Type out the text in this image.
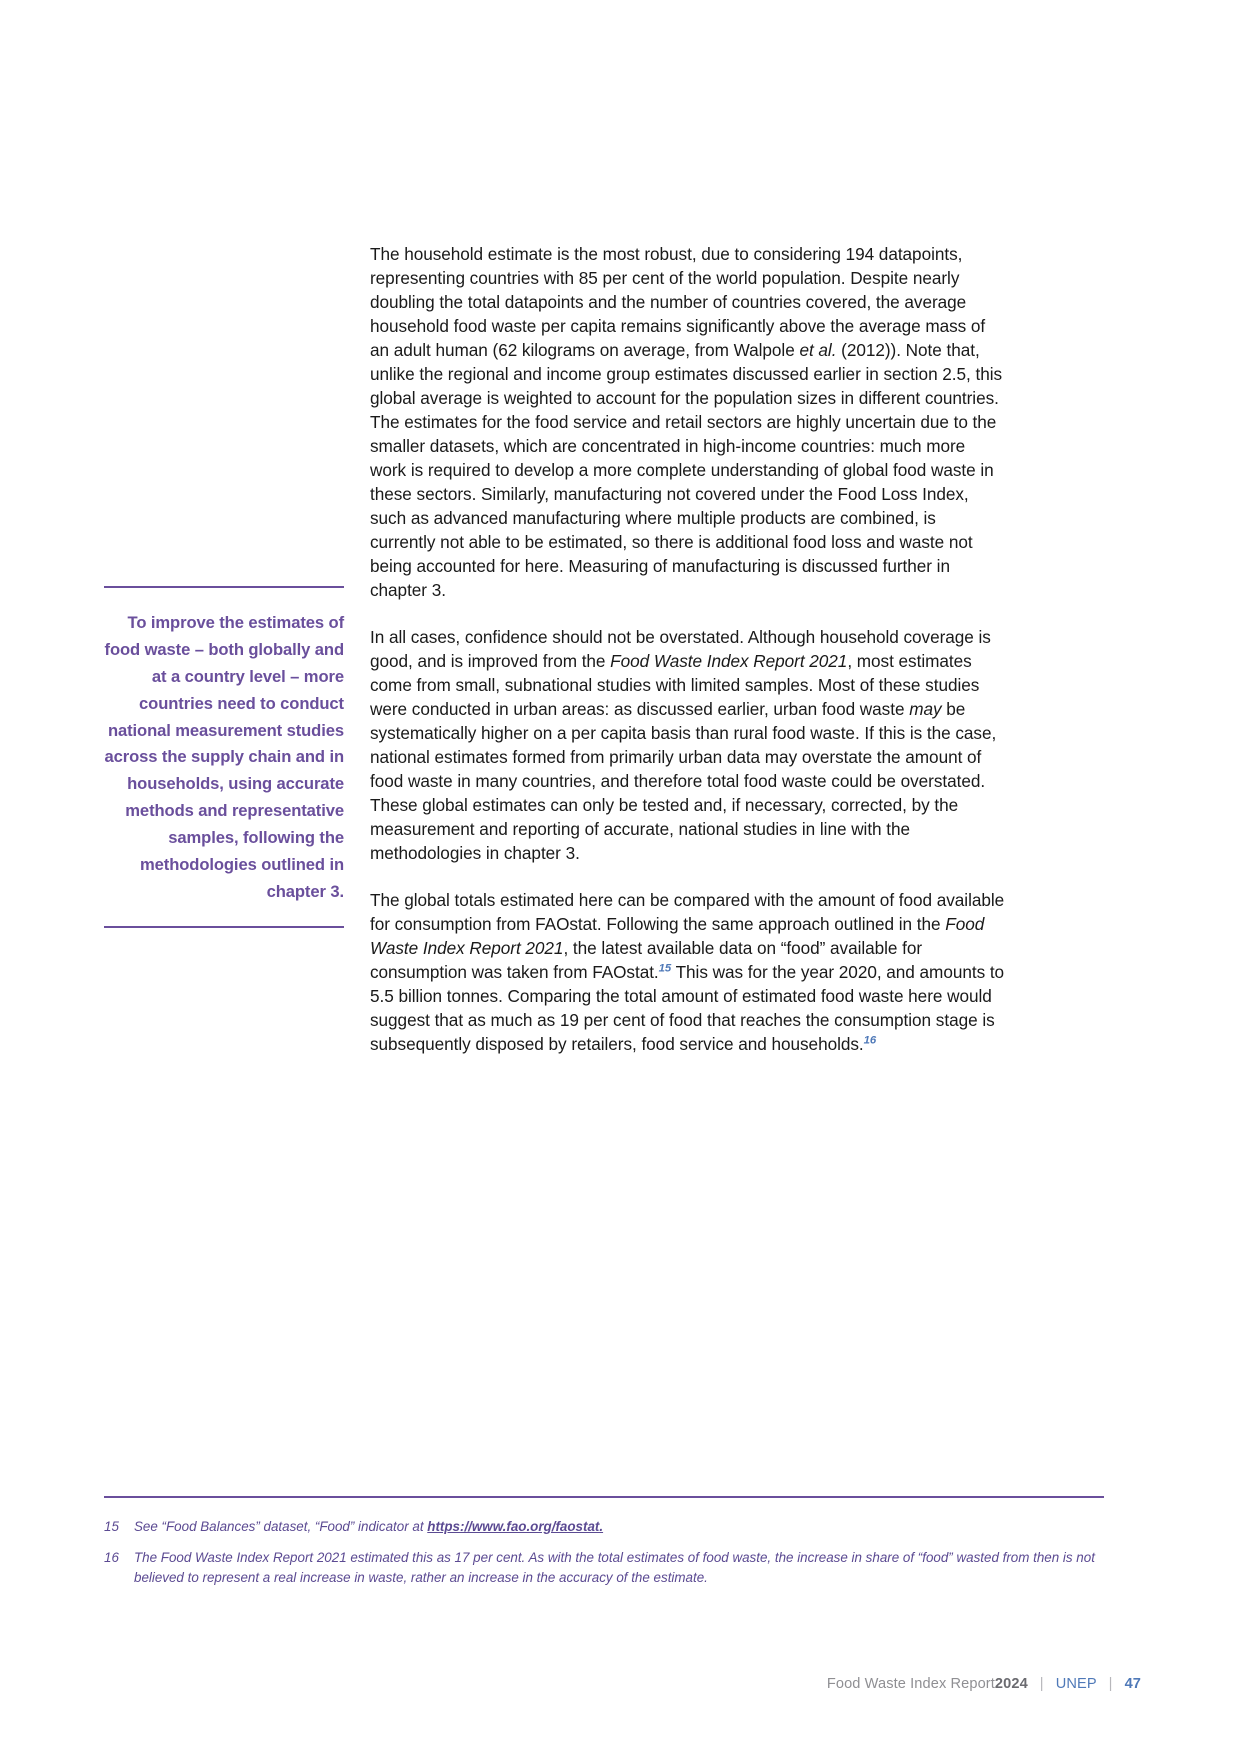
To improve the estimates of food waste – both globally and at a country level – more countries need to conduct national measurement studies across the supply chain and in households, using accurate methods and representative samples, following the methodologies outlined in chapter 3.

The household estimate is the most robust, due to considering 194 datapoints, representing countries with 85 per cent of the world population. Despite nearly doubling the total datapoints and the number of countries covered, the average household food waste per capita remains significantly above the average mass of an adult human (62 kilograms on average, from Walpole et al. (2012)). Note that, unlike the regional and income group estimates discussed earlier in section 2.5, this global average is weighted to account for the population sizes in different countries. The estimates for the food service and retail sectors are highly uncertain due to the smaller datasets, which are concentrated in high-income countries: much more work is required to develop a more complete understanding of global food waste in these sectors. Similarly, manufacturing not covered under the Food Loss Index, such as advanced manufacturing where multiple products are combined, is currently not able to be estimated, so there is additional food loss and waste not being accounted for here. Measuring of manufacturing is discussed further in chapter 3.

In all cases, confidence should not be overstated. Although household coverage is good, and is improved from the Food Waste Index Report 2021, most estimates come from small, subnational studies with limited samples. Most of these studies were conducted in urban areas: as discussed earlier, urban food waste may be systematically higher on a per capita basis than rural food waste. If this is the case, national estimates formed from primarily urban data may overstate the amount of food waste in many countries, and therefore total food waste could be overstated. These global estimates can only be tested and, if necessary, corrected, by the measurement and reporting of accurate, national studies in line with the methodologies in chapter 3.

The global totals estimated here can be compared with the amount of food available for consumption from FAOstat. Following the same approach outlined in the Food Waste Index Report 2021, the latest available data on “food” available for consumption was taken from FAOstat.$^{15}$ This was for the year 2020, and amounts to 5.5 billion tonnes. Comparing the total amount of estimated food waste here would suggest that as much as 19 per cent of food that reaches the consumption stage is subsequently disposed by retailers, food service and households.$^{16}$

15	See “Food Balances” dataset, “Food” indicator at https://www.fao.org/faostat.
16	The Food Waste Index Report 2021 estimated this as 17 per cent. As with the total estimates of food waste, the increase in share of “food” wasted from then is not believed to represent a real increase in waste, rather an increase in the accuracy of the estimate.
Food Waste Index Report 2024 | UNEP | 47
